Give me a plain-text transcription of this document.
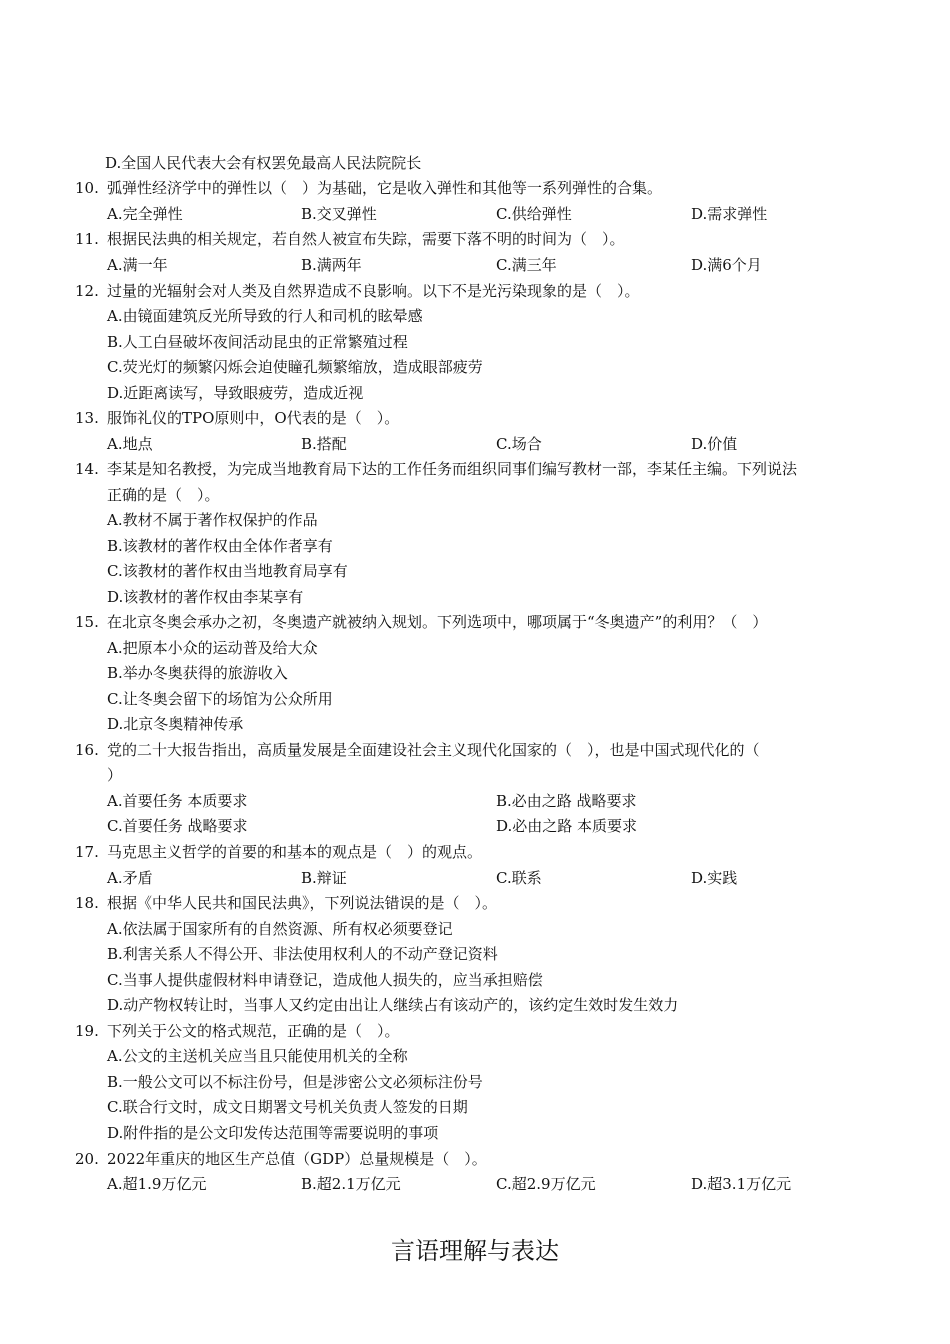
D.全国人民代表大会有权罢免最高人民法院院长
10. 弧弹性经济学中的弹性以（　）为基础，它是收入弹性和其他等一系列弹性的合集。
A.完全弹性	B.交叉弹性	C.供给弹性	D.需求弹性
11. 根据民法典的相关规定，若自然人被宣布失踪，需要下落不明的时间为（　）。
A.满一年	B.满两年	C.满三年	D.满6个月
12. 过量的光辐射会对人类及自然界造成不良影响。以下不是光污染现象的是（　）。
A.由镜面建筑反光所导致的行人和司机的眩晕感
B.人工白昼破坏夜间活动昆虫的正常繁殖过程
C.荧光灯的频繁闪烁会迫使瞳孔频繁缩放，造成眼部疲劳
D.近距离读写，导致眼疲劳，造成近视
13. 服饰礼仪的TPO原则中，O代表的是（　）。
A.地点	B.搭配	C.场合	D.价值
14. 李某是知名教授，为完成当地教育局下达的工作任务而组织同事们编写教材一部，李某任主编。下列说法
正确的是（　）。
A.教材不属于著作权保护的作品
B.该教材的著作权由全体作者享有
C.该教材的著作权由当地教育局享有
D.该教材的著作权由李某享有
15. 在北京冬奥会承办之初，冬奥遗产就被纳入规划。下列选项中，哪项属于“冬奥遗产”的利用？（　）
A.把原本小众的运动普及给大众
B.举办冬奥获得的旅游收入
C.让冬奥会留下的场馆为公众所用
D.北京冬奥精神传承
16. 党的二十大报告指出，高质量发展是全面建设社会主义现代化国家的（　），也是中国式现代化的（
）
A.首要任务 本质要求	B.必由之路 战略要求
C.首要任务 战略要求	D.必由之路 本质要求
17. 马克思主义哲学的首要的和基本的观点是（　）的观点。
A.矛盾	B.辩证	C.联系	D.实践
18. 根据《中华人民共和国民法典》，下列说法错误的是（　）。
A.依法属于国家所有的自然资源、所有权必须要登记
B.利害关系人不得公开、非法使用权利人的不动产登记资料
C.当事人提供虚假材料申请登记，造成他人损失的，应当承担赔偿
D.动产物权转让时，当事人又约定由出让人继续占有该动产的，该约定生效时发生效力
19. 下列关于公文的格式规范，正确的是（　）。
A.公文的主送机关应当且只能使用机关的全称
B.一般公文可以不标注份号，但是涉密公文必须标注份号
C.联合行文时，成文日期署文号机关负责人签发的日期
D.附件指的是公文印发传达范围等需要说明的事项
20. 2022年重庆的地区生产总值（GDP）总量规模是（　）。
A.超1.9万亿元	B.超2.1万亿元	C.超2.9万亿元	D.超3.1万亿元
言语理解与表达
